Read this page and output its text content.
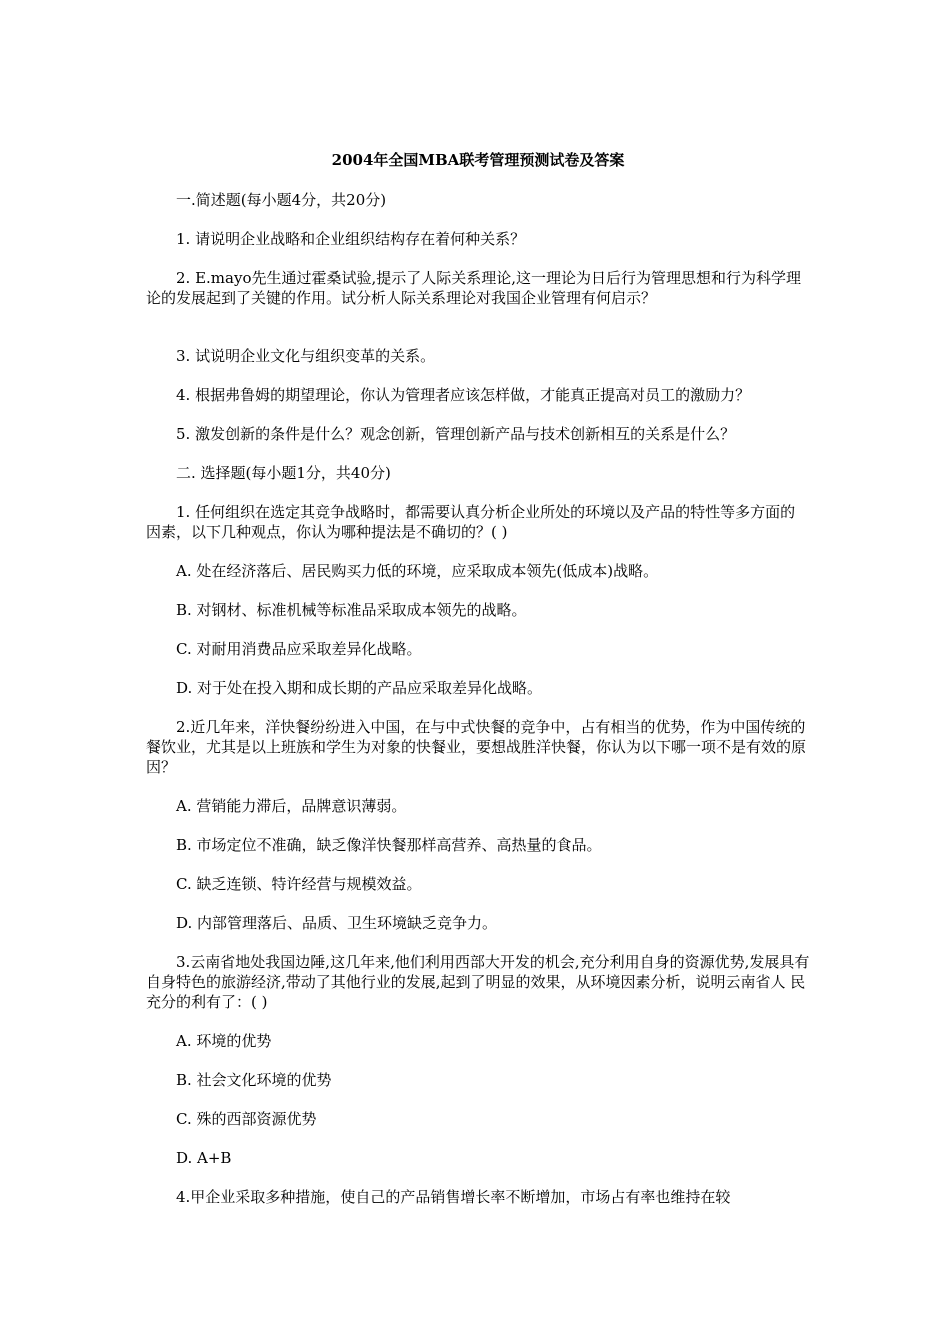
2004年全国MBA联考管理预测试卷及答案

一.简述题(每小题4分，共20分)

1. 请说明企业战略和企业组织结构存在着何种关系？

2. E.mayo先生通过霍桑试验,提示了人际关系理论,这一理论为日后行为管理思想和行为科学理论的发展起到了关键的作用。试分析人际关系理论对我国企业管理有何启示？

3. 试说明企业文化与组织变革的关系。

4. 根据弗鲁姆的期望理论，你认为管理者应该怎样做，才能真正提高对员工的激励力？

5. 激发创新的条件是什么？观念创新，管理创新产品与技术创新相互的关系是什么？

二. 选择题(每小题1分，共40分)

1. 任何组织在选定其竞争战略时，都需要认真分析企业所处的环境以及产品的特性等多方面的因素，以下几种观点，你认为哪种提法是不确切的？( )

A. 处在经济落后、居民购买力低的环境，应采取成本领先(低成本)战略。

B. 对钢材、标准机械等标准品采取成本领先的战略。

C. 对耐用消费品应采取差异化战略。

D. 对于处在投入期和成长期的产品应采取差异化战略。

2.近几年来，洋快餐纷纷进入中国，在与中式快餐的竞争中，占有相当的优势，作为中国传统的餐饮业，尤其是以上班族和学生为对象的快餐业，要想战胜洋快餐，你认为以下哪一项不是有效的原因？

A. 营销能力滞后，品牌意识薄弱。

B. 市场定位不准确，缺乏像洋快餐那样高营养、高热量的食品。

C. 缺乏连锁、特许经营与规模效益。

D. 内部管理落后、品质、卫生环境缺乏竞争力。

3.云南省地处我国边陲,这几年来,他们利用西部大开发的机会,充分利用自身的资源优势,发展具有自身特色的旅游经济,带动了其他行业的发展,起到了明显的效果，从环境因素分析，说明云南省人 民充分的利有了：( )

A. 环境的优势

B. 社会文化环境的优势

C. 殊的西部资源优势

D. A+B

4.甲企业采取多种措施，使自己的产品销售增长率不断增加，市场占有率也维持在较
